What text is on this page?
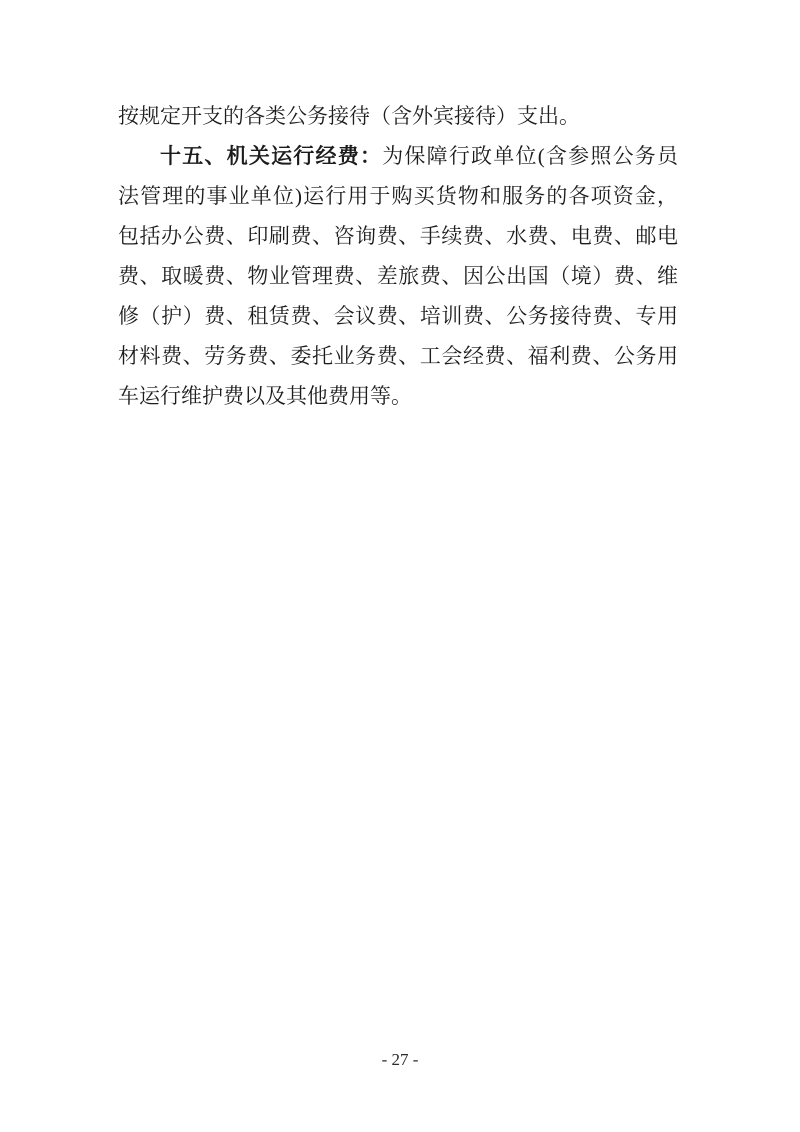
按规定开支的各类公务接待（含外宾接待）支出。
十五、机关运行经费：为保障行政单位(含参照公务员
法管理的事业单位)运行用于购买货物和服务的各项资金，
包括办公费、印刷费、咨询费、手续费、水费、电费、邮电
费、取暖费、物业管理费、差旅费、因公出国（境）费、维
修（护）费、租赁费、会议费、培训费、公务接待费、专用
材料费、劳务费、委托业务费、工会经费、福利费、公务用
车运行维护费以及其他费用等。
- 27 -
